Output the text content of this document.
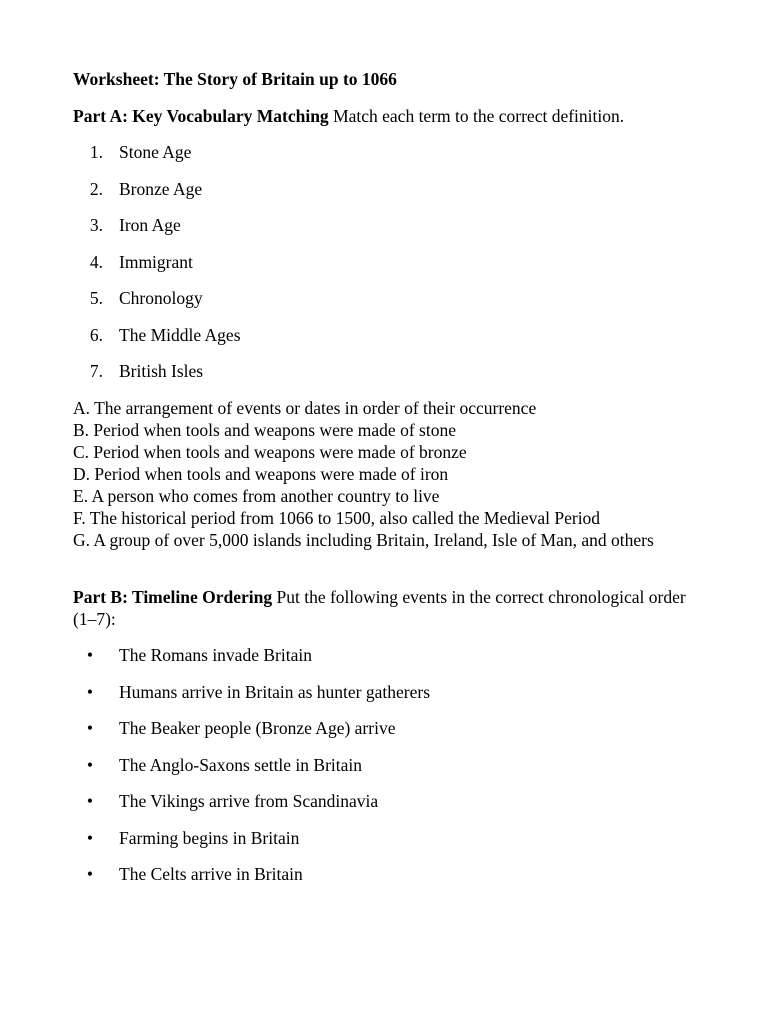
Worksheet: The Story of Britain up to 1066

Part A: Key Vocabulary Matching Match each term to the correct definition.

1. Stone Age
2. Bronze Age
3. Iron Age
4. Immigrant
5. Chronology
6. The Middle Ages
7. British Isles

A. The arrangement of events or dates in order of their occurrence

B. Period when tools and weapons were made of stone

C. Period when tools and weapons were made of bronze

D. Period when tools and weapons were made of iron

E. A person who comes from another country to live

F. The historical period from 1066 to 1500, also called the Medieval Period

G. A group of over 5,000 islands including Britain, Ireland, Isle of Man, and others

Part B: Timeline Ordering Put the following events in the correct chronological order (1–7):

• The Romans invade Britain
• Humans arrive in Britain as hunter gatherers
• The Beaker people (Bronze Age) arrive
• The Anglo-Saxons settle in Britain
• The Vikings arrive from Scandinavia
• Farming begins in Britain
• The Celts arrive in Britain
